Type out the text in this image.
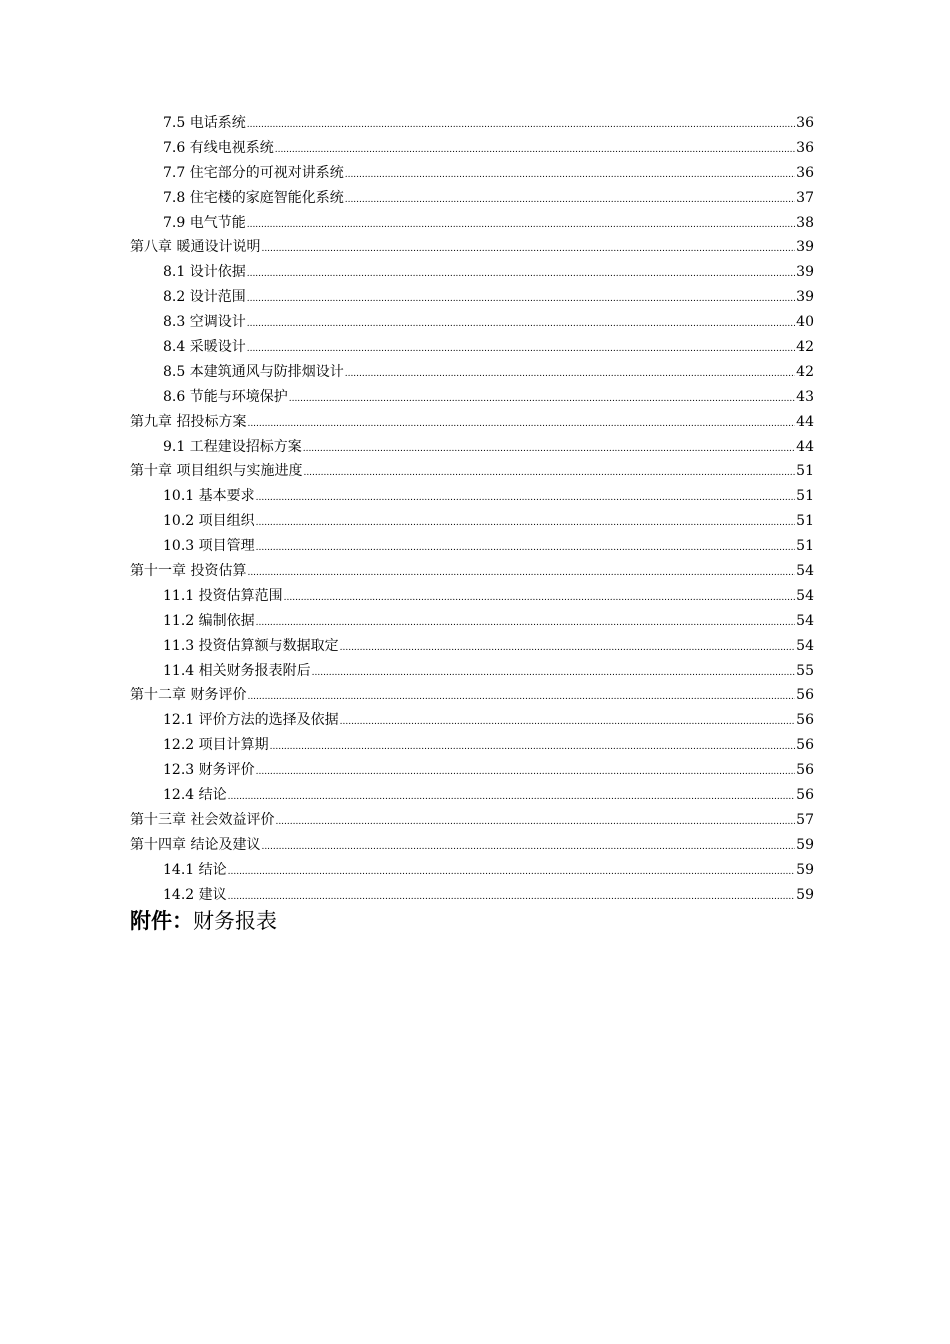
7.5 电话系统 .....	36
7.6 有线电视系统 .....	36
7.7 住宅部分的可视对讲系统 .....	36
7.8 住宅楼的家庭智能化系统 .....	37
7.9 电气节能 .....	38
第八章 暖通设计说明 .....	39
8.1 设计依据 .....	39
8.2 设计范围 .....	39
8.3 空调设计 .....	40
8.4 采暖设计 .....	42
8.5 本建筑通风与防排烟设计 .....	42
8.6 节能与环境保护 .....	43
第九章 招投标方案 .....	44
9.1 工程建设招标方案 .....	44
第十章 项目组织与实施进度 .....	51
10.1 基本要求 .....	51
10.2 项目组织 .....	51
10.3 项目管理 .....	51
第十一章 投资估算 .....	54
11.1 投资估算范围 .....	54
11.2 编制依据 .....	54
11.3 投资估算额与数据取定 .....	54
11.4 相关财务报表附后 .....	55
第十二章 财务评价 .....	56
12.1 评价方法的选择及依据 .....	56
12.2 项目计算期 .....	56
12.3 财务评价 .....	56
12.4 结论 .....	56
第十三章 社会效益评价 .....	57
第十四章 结论及建议 .....	59
14.1 结论 .....	59
14.2 建议 .....	59
附件：财务报表
